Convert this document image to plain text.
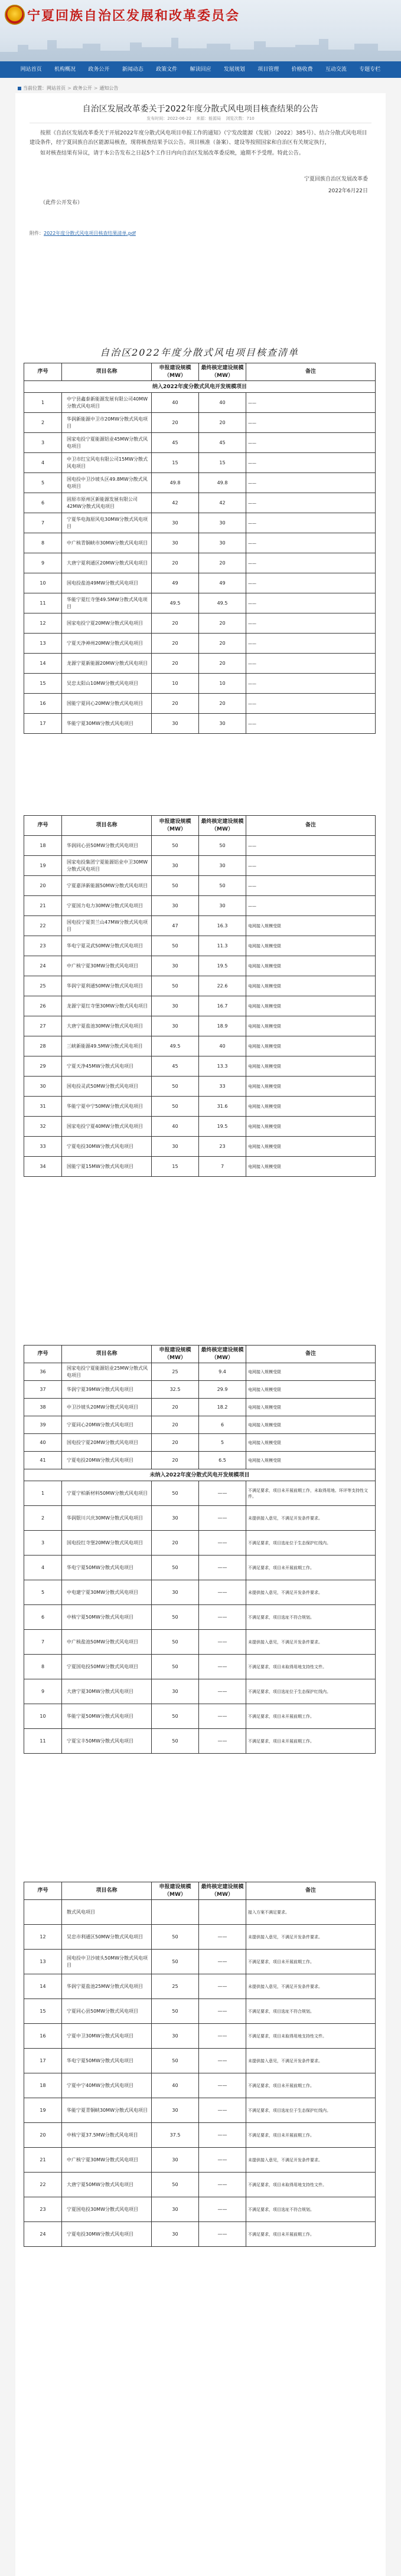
宁夏回族自治区发展和改革委员会
网站首页	机构概况	政务公开	新闻动态	政策文件	解读回应	发展规划	项目管理	价格收费	互动交流	专题专栏
当前位置：网站首页 > 政务公开 > 通知公告
自治区发展改革委关于2022年度分散式风电项目核查结果的公告
发布时间：2022-06-22 来源：能源局 浏览次数：710
按照《自治区发展改革委关于开展2022年度分散式风电项目申报工作的通知》（宁发改能源（发展）〔2022〕385号）、结合分散式风电项目建设条件，经宁夏回族自治区能源局核查，现将核查结果予以公告。项目核准（备案）、建设等按照国家和自治区有关规定执行，
如对核查结果有异议，请于本公告发布之日起5个工作日内向自治区发展改革委反映，逾期不予受理。特此公告。
宁夏回族自治区发展改革委
2022年6月22日
（此件公开发布）
附件：2022年度分散式风电项目核查结果清单.pdf
自治区2022年度分散式风电项目核查清单
序号	项目名称	申报建设规模（MW）	最终核定建设规模（MW）	备注
纳入2022年度分散式风电开发规模项目				
1	中宁县鑫泰新能源发展有限公司40MW分散式风电项目	40	40	——
2	华润新能源中卫市20MW分散式风电项目	20	20	——
3	国家电投宁夏能源铝业45MW分散式风电项目	45	45	——
4	中卫市红宝风电有限公司15MW分散式风电项目	15	15	——
5	国电投中卫沙坡头区49.8MW分散式风电项目	49.8	49.8	——
6	固原市原州区新能源发展有限公司42MW分散式风电项目	42	42	——
7	宁夏华电海原风电30MW分散式风电项目	30	30	——
8	中广核青铜峡市30MW分散式风电项目	30	30	——
9	大唐宁夏利通区20MW分散式风电项目	20	20	——
10	国电投盐池49MW分散式风电项目	49	49	——
11	华能宁夏红寺堡49.5MW分散式风电项目	49.5	49.5	——
12	国家电投宁夏20MW分散式风电项目	20	20	——
13	宁夏天净神州20MW分散式风电项目	20	20	——
14	龙源宁夏新能源20MW分散式风电项目	20	20	——
15	吴忠太阳山10MW分散式风电项目	10	10	——
16	国能宁夏同心20MW分散式风电项目	20	20	——
17	华能宁夏30MW分散式风电项目	30	30	——
序号	项目名称	申报建设规模（MW）	最终核定建设规模（MW）	备注
18	华润同心县50MW分散式风电项目	50	50	——
19	国家电投集团宁夏能源铝业中卫30MW分散式风电项目	30	30	——
20	宁夏嘉泽新能源50MW分散式风电项目	50	50	——
21	宁夏国力电力30MW分散式风电项目	30	30	——
22	国电投宁夏贺兰山47MW分散式风电项目	47	16.3	电网接入规模受限
23	华电宁夏灵武50MW分散式风电项目	50	11.3	电网接入规模受限
24	中广核宁夏30MW分散式风电项目	30	19.5	电网接入规模受限
25	华润宁夏利通50MW分散式风电项目	50	22.6	电网接入规模受限
26	龙源宁夏红寺堡30MW分散式风电项目	30	16.7	电网接入规模受限
27	大唐宁夏盐池30MW分散式风电项目	30	18.9	电网接入规模受限
28	三峡新能源49.5MW分散式风电项目	49.5	40	电网接入规模受限
29	宁夏天净45MW分散式风电项目	45	13.3	电网接入规模受限
30	国电投灵武50MW分散式风电项目	50	33	电网接入规模受限
31	华能宁夏中宁50MW分散式风电项目	50	31.6	电网接入规模受限
32	国家电投宁夏40MW分散式风电项目	40	19.5	电网接入规模受限
33	宁夏电投30MW分散式风电项目	30	23	电网接入规模受限
34	国能宁夏15MW分散式风电项目	15	7	电网接入规模受限
序号	项目名称	申报建设规模（MW）	最终核定建设规模（MW）	备注
36	国家电投宁夏能源铝业25MW分散式风电项目	25	9.4	电网接入规模受限
37	华润宁夏39MW分散式风电项目	32.5	29.9	电网接入规模受限
38	中卫沙坡头20MW分散式风电项目	20	18.2	电网接入规模受限
39	宁夏同心20MW分散式风电项目	20	6	电网接入规模受限
40	国电投宁夏20MW分散式风电项目	20	5	电网接入规模受限
41	宁夏电投20MW分散式风电项目	20	6.5	电网接入规模受限
未纳入2022年度分散式风电开发规模项目				
1	宁夏宁柏新材料50MW分散式风电项目	50	——	不满足要求，项目未开展前期工作，未取得用地、环评等支持性文件。
2	华润银川兴庆30MW分散式风电项目	30	——	未提供接入意见，不满足开发条件要求。
3	国电投红寺堡20MW分散式风电项目	20	——	不满足要求，项目选址位于生态保护红线内。
4	华电宁夏50MW分散式风电项目	50	——	不满足要求，项目未开展前期工作。
5	中电建宁夏30MW分散式风电项目	30	——	未提供接入意见，不满足开发条件要求。
6	中核宁夏50MW分散式风电项目	50	——	不满足要求，项目选址不符合规划。
7	中广核盐池50MW分散式风电项目	50	——	未提供接入意见，不满足开发条件要求。
8	宁夏国电投50MW分散式风电项目	50	——	不满足要求，项目未取得用地支持性文件。
9	大唐宁夏30MW分散式风电项目	30	——	不满足要求，项目选址位于生态保护红线内。
10	华能宁夏50MW分散式风电项目	50	——	不满足要求，项目未开展前期工作。
11	宁夏宝丰50MW分散式风电项目	50	——	不满足要求，项目未开展前期工作。
序号	项目名称	申报建设规模（MW）	最终核定建设规模（MW）	备注
	散式风电项目			接入方案不满足要求。
12	吴忠市利通区50MW分散式风电项目	50	——	未提供接入意见，不满足开发条件要求。
13	国电投中卫沙坡头50MW分散式风电项目	50	——	不满足要求，项目未开展前期工作。
14	华润宁夏盐池25MW分散式风电项目	25	——	未提供接入意见，不满足开发条件要求。
15	宁夏同心县50MW分散式风电项目	50	——	不满足要求，项目选址不符合规划。
16	宁夏中卫30MW分散式风电项目	30	——	不满足要求，项目未取得用地支持性文件。
17	华电宁夏50MW分散式风电项目	50	——	未提供接入意见，不满足开发条件要求。
18	宁夏中宁40MW分散式风电项目	40	——	不满足要求，项目未开展前期工作。
19	华能宁夏青铜峡30MW分散式风电项目	30	——	不满足要求，项目选址位于生态保护红线内。
20	中核宁夏37.5MW分散式风电项目	37.5	——	不满足要求，项目未开展前期工作。
21	中广核宁夏30MW分散式风电项目	30	——	未提供接入意见，不满足开发条件要求。
22	大唐宁夏50MW分散式风电项目	50	——	不满足要求，项目未取得用地支持性文件。
23	宁夏国电投30MW分散式风电项目	30	——	不满足要求，项目选址不符合规划。
24	宁夏电投30MW分散式风电项目	30	——	不满足要求，项目未开展前期工作。
